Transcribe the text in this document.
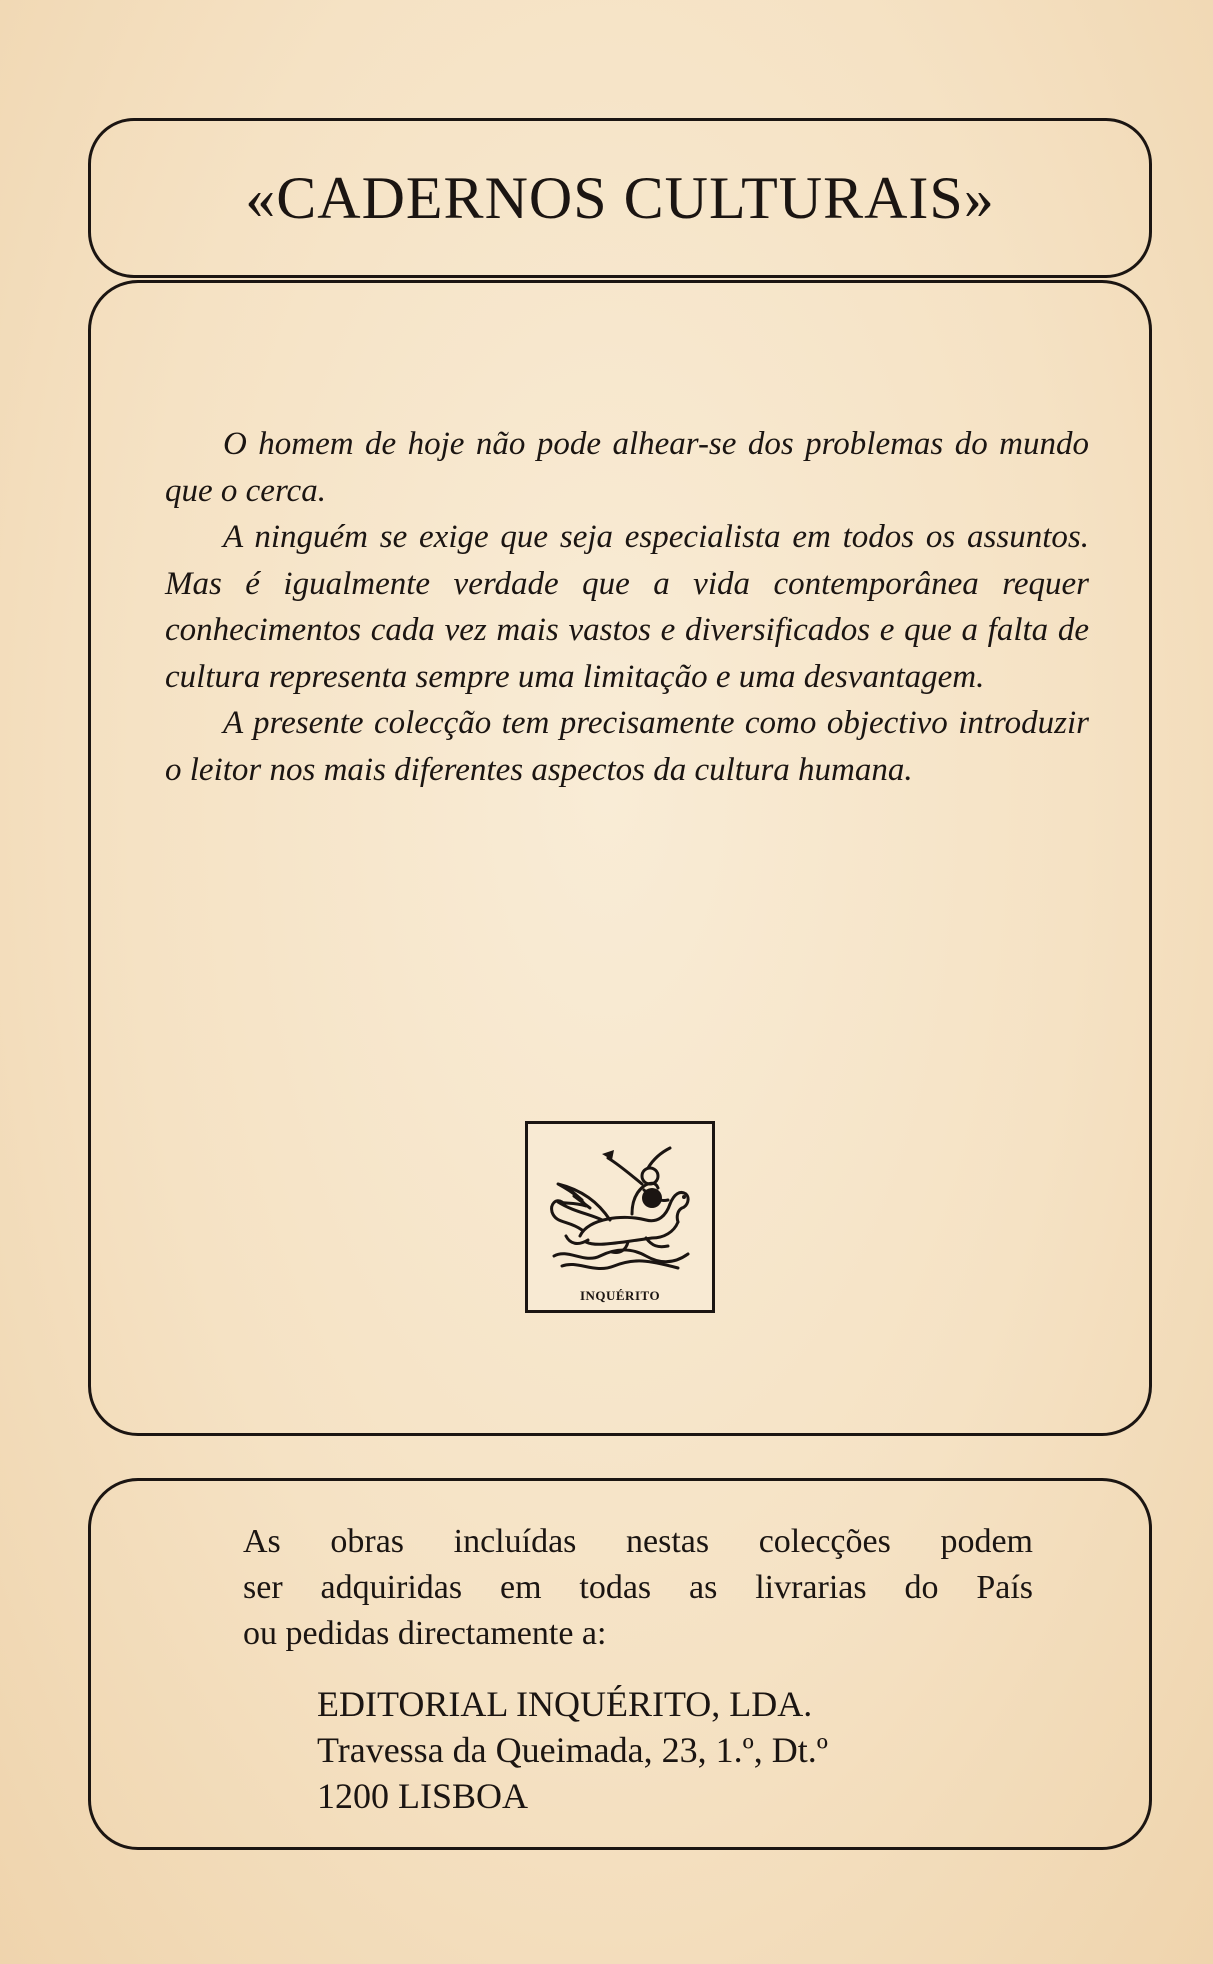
«CADERNOS CULTURAIS»

O homem de hoje não pode alhear-se dos problemas do mundo que o cerca.

A ninguém se exige que seja especialista em todos os assuntos. Mas é igualmente verdade que a vida contemporânea requer conhecimentos cada vez mais vastos e diversificados e que a falta de cultura representa sempre uma limitação e uma desvantagem.

A presente colecção tem precisamente como objectivo introduzir o leitor nos mais diferentes aspectos da cultura humana.

INQUÉRITO
As obras incluídas nestas colecções podem
ser adquiridas em todas as livrarias do País
ou pedidas directamente a:
EDITORIAL INQUÉRITO, LDA.
Travessa da Queimada, 23, 1.º, Dt.º
1200 LISBOA
